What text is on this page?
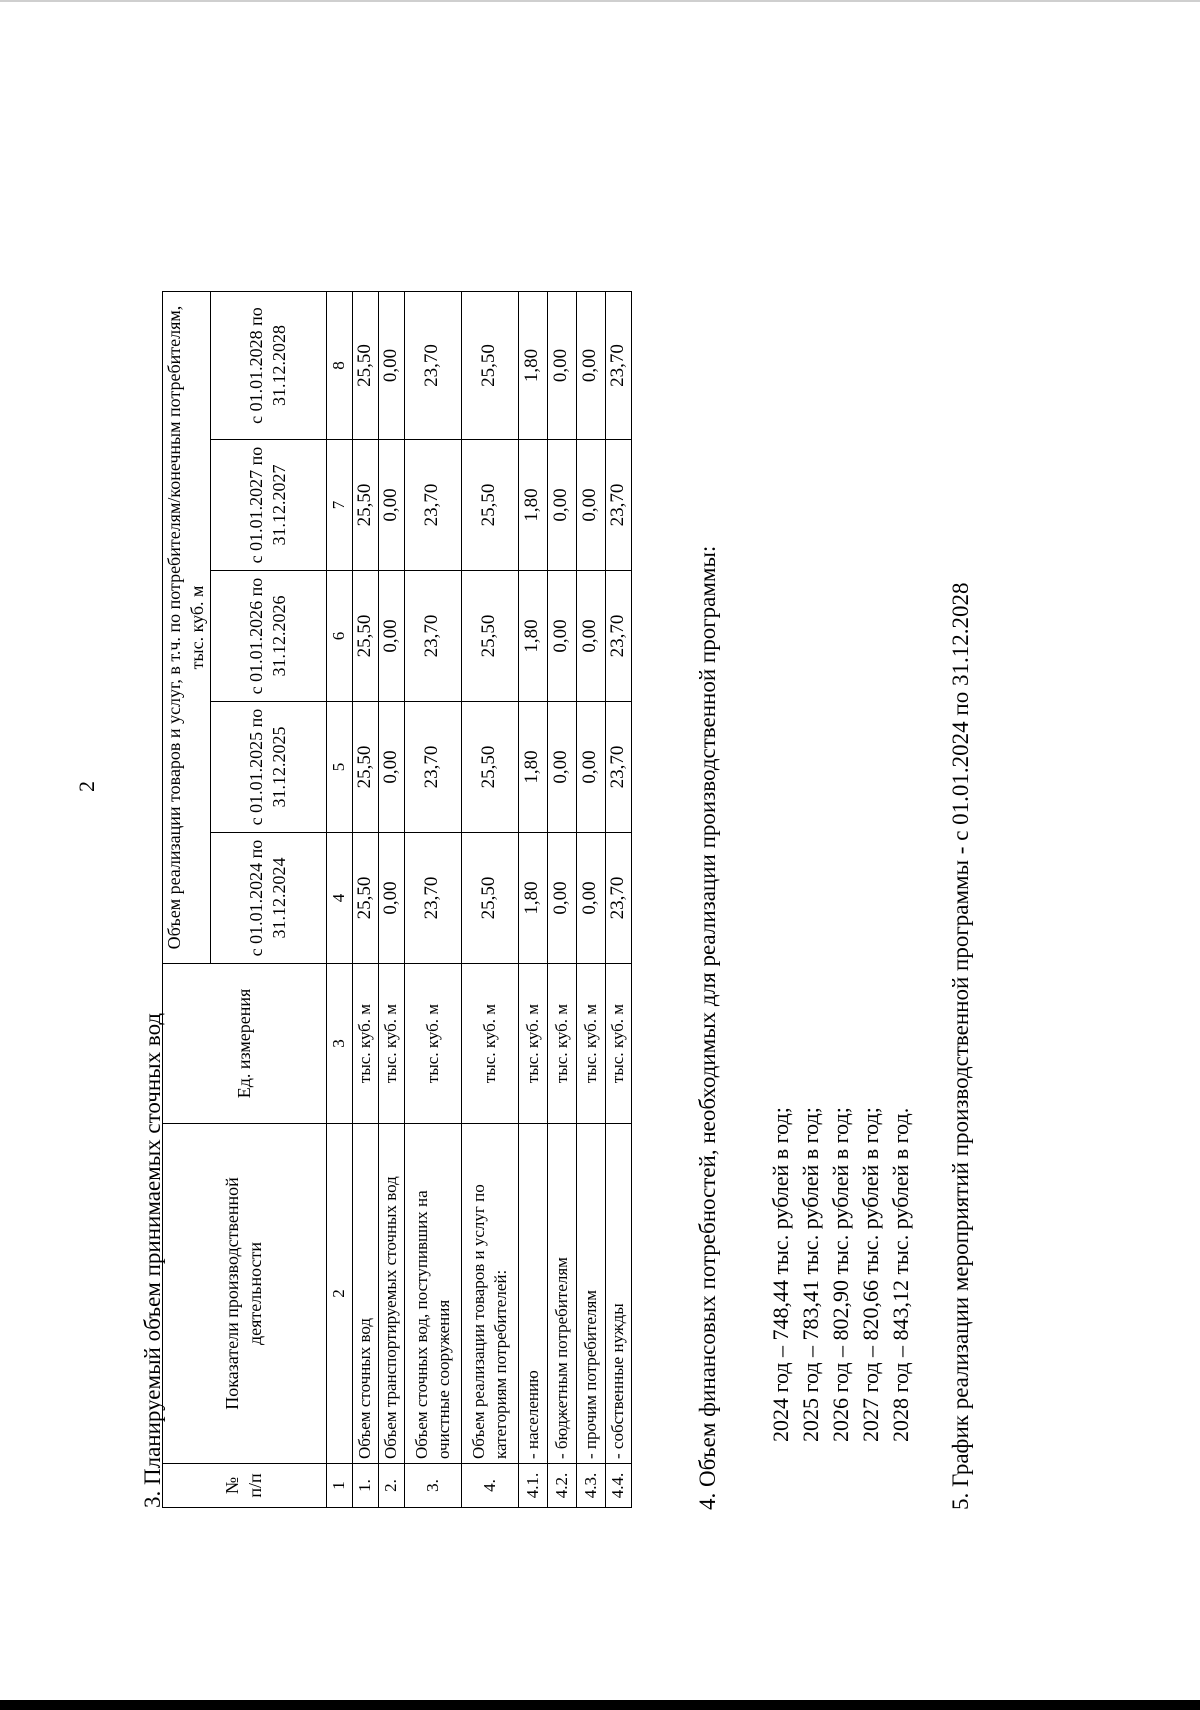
2
3. Планируемый объем принимаемых сточных вод	№ п/п	Показатели производственной деятельности	Ед. измерения	Объем реализации товаров и услуг, в т.ч. по потребителям/конечным потребителям, тыс. куб. м				
			с 01.01.2024 по 31.12.2024	с 01.01.2025 по 31.12.2025	с 01.01.2026 по 31.12.2026	с 01.01.2027 по 31.12.2027	с 01.01.2028 по 31.12.2028
1	2	3	4	5	6	7	8
1.	Объем сточных вод	тыс. куб. м	25,50	25,50	25,50	25,50	25,50
2.	Объем транспортируемых сточных вод	тыс. куб. м	0,00	0,00	0,00	0,00	0,00
3.	Объем сточных вод, поступивших на очистные сооружения	тыс. куб. м	23,70	23,70	23,70	23,70	23,70
4.	Объем реализации товаров и услуг по категориям потребителей:	тыс. куб. м	25,50	25,50	25,50	25,50	25,50
4.1.	- населению	тыс. куб. м	1,80	1,80	1,80	1,80	1,80
4.2.	- бюджетным потребителям	тыс. куб. м	0,00	0,00	0,00	0,00	0,00
4.3.	- прочим потребителям	тыс. куб. м	0,00	0,00	0,00	0,00	0,00
4.4.	- собственные нужды	тыс. куб. м	23,70	23,70	23,70	23,70	23,70
4. Объем финансовых потребностей, необходимых для реализации производственной программы: 2024 год – 748,44 тыс. рублей в год; 2025 год – 783,41 тыс. рублей в год; 2026 год – 802,90 тыс. рублей в год; 2027 год – 820,66 тыс. рублей в год; 2028 год – 843,12 тыс. рублей в год. 5. График реализации мероприятий производственной программы - с 01.01.2024 по 31.12.2028
